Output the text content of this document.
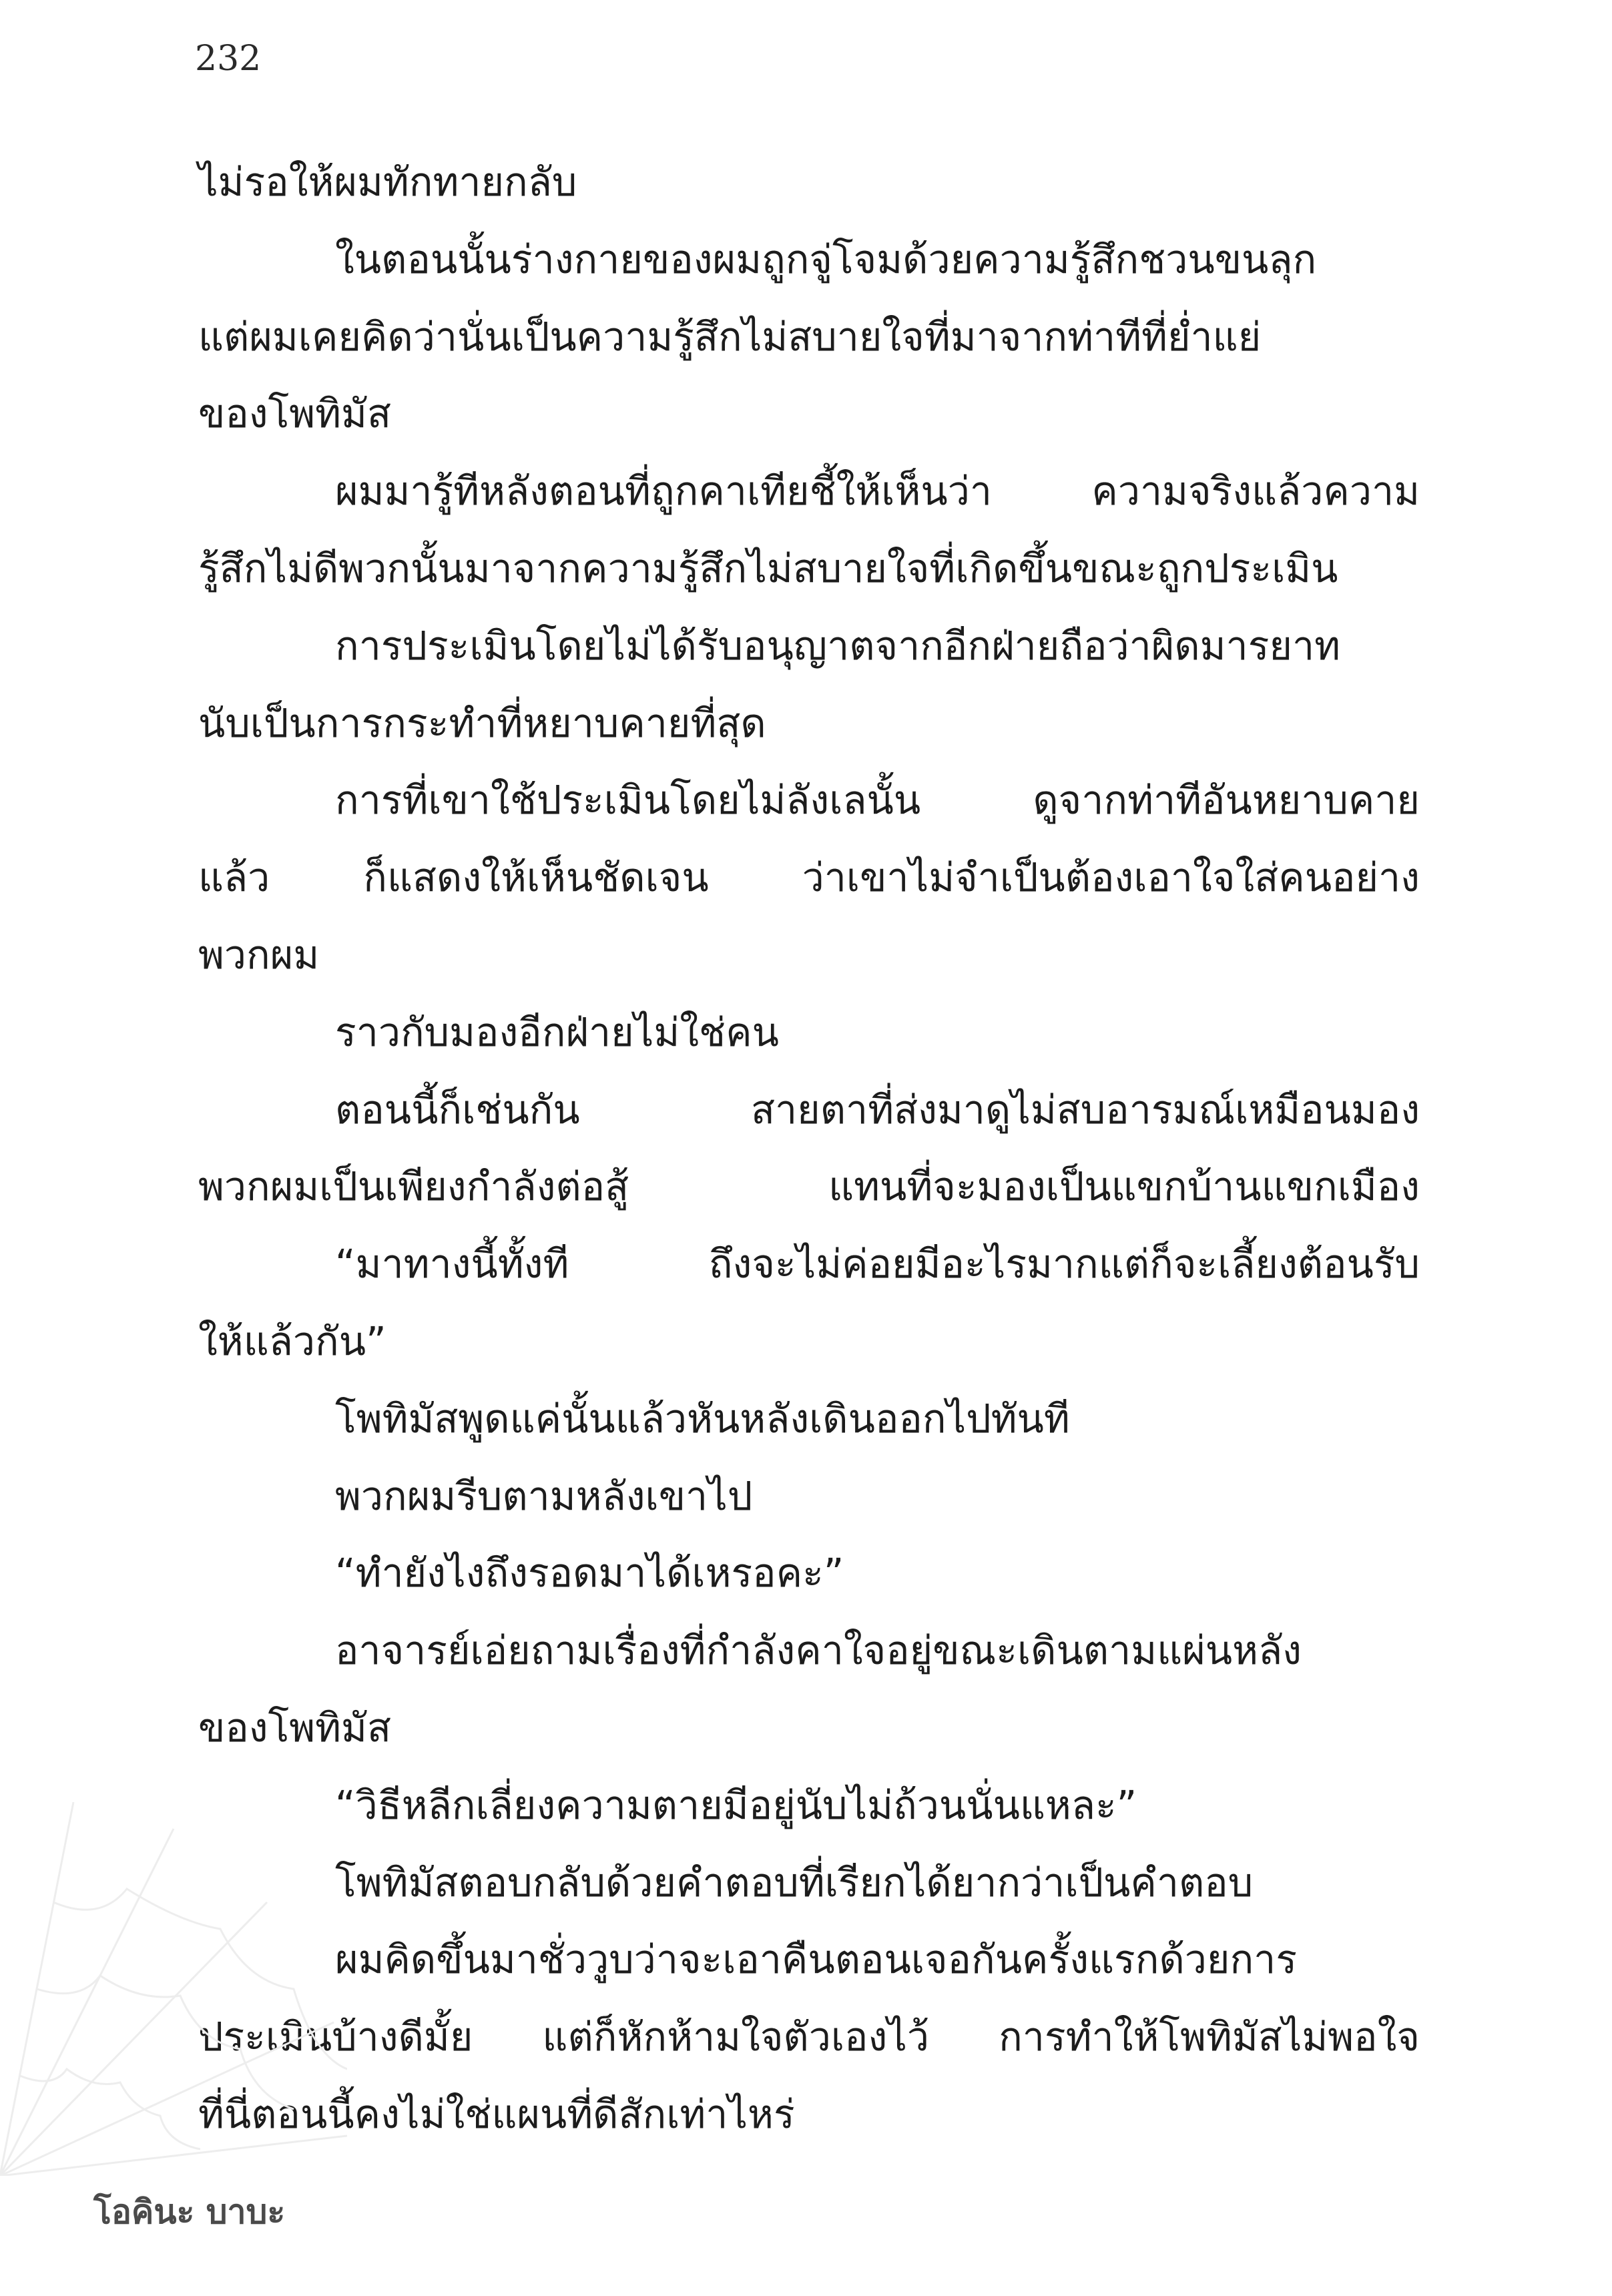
232
ไม่รอให้ผมทักทายกลับ
ในตอนนั้นร่างกายของผมถูกจู่โจมด้วยความรู้สึกชวนขนลุก
แต่ผมเคยคิดว่านั่นเป็นความรู้สึกไม่สบายใจที่มาจากท่าทีที่ย่ำแย่
ของโพทิมัส
ผมมารู้ทีหลังตอนที่ถูกคาเทียชี้ให้เห็นว่า ความจริงแล้วความ
รู้สึกไม่ดีพวกนั้นมาจากความรู้สึกไม่สบายใจที่เกิดขึ้นขณะถูกประเมิน
การประเมินโดยไม่ได้รับอนุญาตจากอีกฝ่ายถือว่าผิดมารยาท
นับเป็นการกระทำที่หยาบคายที่สุด
การที่เขาใช้ประเมินโดยไม่ลังเลนั้น ดูจากท่าทีอันหยาบคาย
แล้ว ก็แสดงให้เห็นชัดเจน ว่าเขาไม่จำเป็นต้องเอาใจใส่คนอย่าง
พวกผม
ราวกับมองอีกฝ่ายไม่ใช่คน
ตอนนี้ก็เช่นกัน สายตาที่ส่งมาดูไม่สบอารมณ์เหมือนมอง
พวกผมเป็นเพียงกำลังต่อสู้ แทนที่จะมองเป็นแขกบ้านแขกเมือง
“มาทางนี้ทั้งที ถึงจะไม่ค่อยมีอะไรมากแต่ก็จะเลี้ยงต้อนรับ
ให้แล้วกัน”
โพทิมัสพูดแค่นั้นแล้วหันหลังเดินออกไปทันที
พวกผมรีบตามหลังเขาไป
“ทำยังไงถึงรอดมาได้เหรอคะ”
อาจารย์เอ่ยถามเรื่องที่กำลังคาใจอยู่ขณะเดินตามแผ่นหลัง
ของโพทิมัส
“วิธีหลีกเลี่ยงความตายมีอยู่นับไม่ถ้วนนั่นแหละ”
โพทิมัสตอบกลับด้วยคำตอบที่เรียกได้ยากว่าเป็นคำตอบ
ผมคิดขึ้นมาชั่ววูบว่าจะเอาคืนตอนเจอกันครั้งแรกด้วยการ
ประเมินบ้างดีมั้ย แต่ก็หักห้ามใจตัวเองไว้ การทำให้โพทิมัสไม่พอใจ
ที่นี่ตอนนี้คงไม่ใช่แผนที่ดีสักเท่าไหร่
โอคินะ บาบะ
